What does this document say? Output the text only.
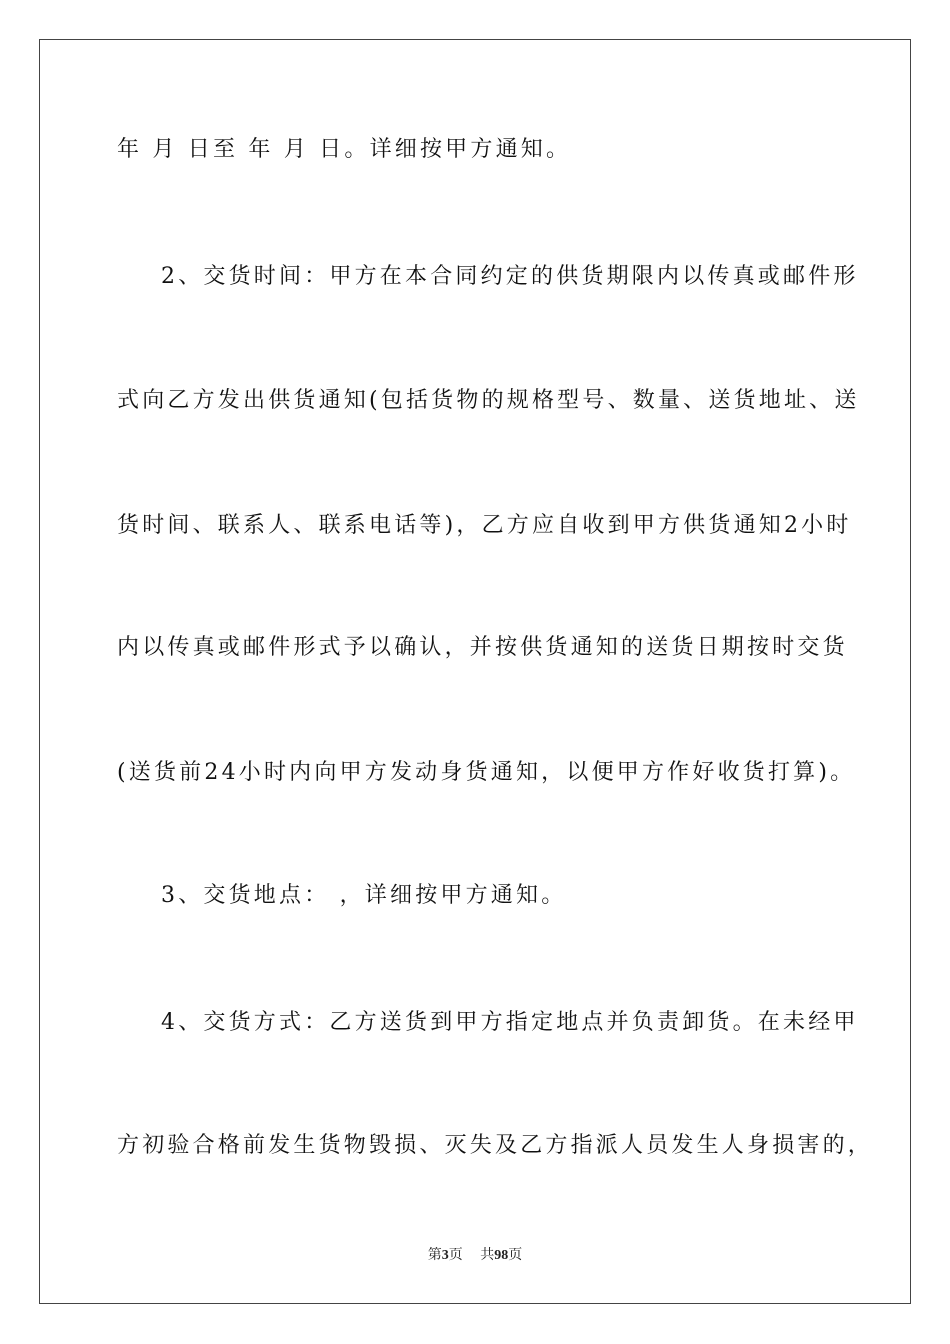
年 月 日至 年 月 日。详细按甲方通知。
2、交货时间：甲方在本合同约定的供货期限内以传真或邮件形
式向乙方发出供货通知(包括货物的规格型号、数量、送货地址、送
货时间、联系人、联系电话等)，乙方应自收到甲方供货通知2小时
内以传真或邮件形式予以确认，并按供货通知的送货日期按时交货
(送货前24小时内向甲方发动身货通知，以便甲方作好收货打算)。
3、交货地点： ，详细按甲方通知。
4、交货方式：乙方送货到甲方指定地点并负责卸货。在未经甲
方初验合格前发生货物毁损、灭失及乙方指派人员发生人身损害的，
第3页 共98页
